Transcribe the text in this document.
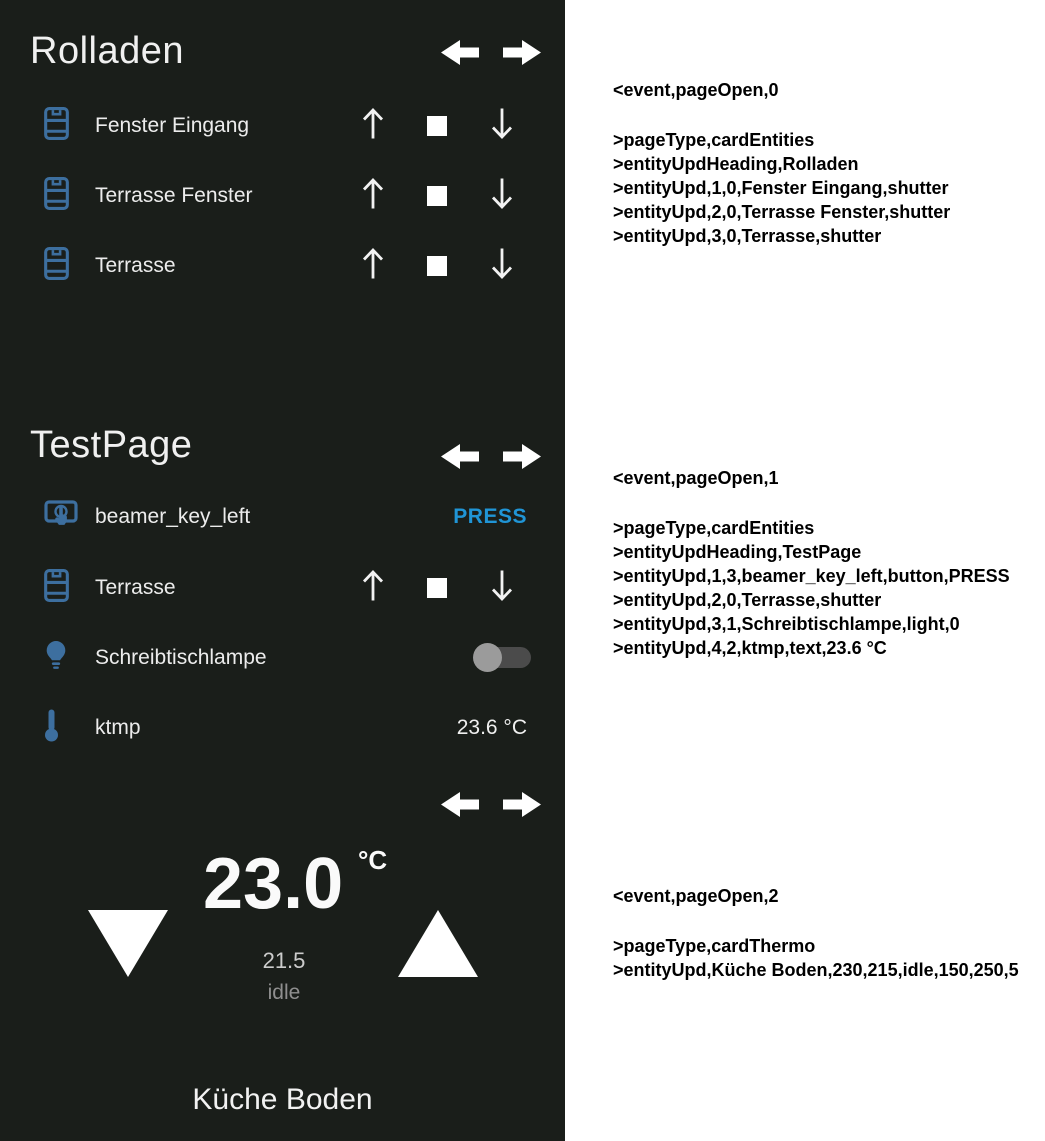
Rolladen
Fenster Eingang
Terrasse Fenster
Terrasse
TestPage
beamer_key_left	PRESS
Terrasse
Schreibtischlampe
ktmp	23.6 °C
23.0 °C
21.5
idle
Küche Boden
<event,pageOpen,0
>pageType,cardEntities
>entityUpdHeading,Rolladen
>entityUpd,1,0,Fenster Eingang,shutter
>entityUpd,2,0,Terrasse Fenster,shutter
>entityUpd,3,0,Terrasse,shutter
<event,pageOpen,1
>pageType,cardEntities
>entityUpdHeading,TestPage
>entityUpd,1,3,beamer_key_left,button,PRESS
>entityUpd,2,0,Terrasse,shutter
>entityUpd,3,1,Schreibtischlampe,light,0
>entityUpd,4,2,ktmp,text,23.6 °C
<event,pageOpen,2
>pageType,cardThermo
>entityUpd,Küche Boden,230,215,idle,150,250,5
